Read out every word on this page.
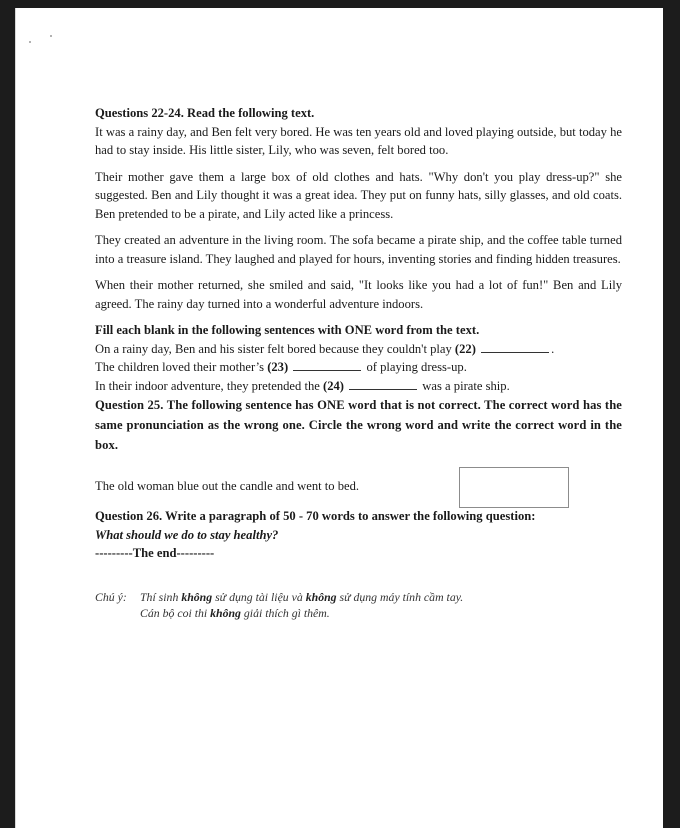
Questions 22-24. Read the following text.

It was a rainy day, and Ben felt very bored. He was ten years old and loved playing outside, but today he had to stay inside. His little sister, Lily, who was seven, felt bored too.

Their mother gave them a large box of old clothes and hats. "Why don't you play dress-up?" she suggested. Ben and Lily thought it was a great idea. They put on funny hats, silly glasses, and old coats. Ben pretended to be a pirate, and Lily acted like a princess.

They created an adventure in the living room. The sofa became a pirate ship, and the coffee table turned into a treasure island. They laughed and played for hours, inventing stories and finding hidden treasures.

When their mother returned, she smiled and said, "It looks like you had a lot of fun!" Ben and Lily agreed. The rainy day turned into a wonderful adventure indoors.

Fill each blank in the following sentences with ONE word from the text.

On a rainy day, Ben and his sister felt bored because they couldn't play (22)	.

The children loved their mother’s (23)	of playing dress-up.

In their indoor adventure, they pretended the (24)	was a pirate ship.

Question 25. The following sentence has ONE word that is not correct. The correct word has the same pronunciation as the wrong one. Circle the wrong word and write the correct word in the box.

The old woman blue out the candle and went to bed.

Question 26. Write a paragraph of 50 - 70 words to answer the following question:

What should we do to stay healthy?

---------The end---------

Chú ý:	Thí sinh không sử dụng tài liệu và không sử dụng máy tính cầm tay.
Cán bộ coi thi không giải thích gì thêm.
